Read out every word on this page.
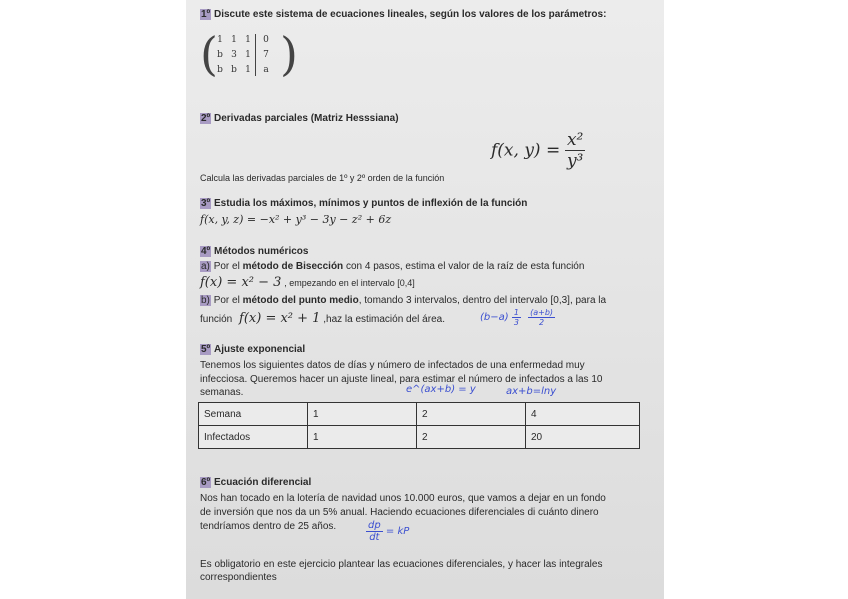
1º Discute este sistema de ecuaciones lineales, según los valores de los parámetros:
( )
1 1 1	0
b 3 1	7
b b 1	a
2º Derivadas parciales (Matriz Hesssiana)
f(x, $y) = \frac{\text{x²}}{\text{y³}}$
Calcula las derivadas parciales de 1º y 2º orden de la función
3º Estudia los máximos, mínimos y puntos de inflexión de la función
f(x, y, z) = −x² + y³ − 3y − z² + 6z
4º Métodos numéricos
a) Por el método de Bisección con 4 pasos, estima el valor de la raíz de esta función
f(x) = x² − 3 , empezando en el intervalo [0,4]
b) Por el método del punto medio, tomando 3 intervalos, dentro del intervalo [0,3], para la
función f(x) = x² + 1 ,haz la estimación del área.	$(b-a) \frac{1}{3}$
$\frac{(a+b)}{2}$
5º Ajuste exponencial
Tenemos los siguientes datos de días y número de infectados de una enfermedad muy
infecciosa. Queremos hacer un ajuste lineal, para estimar el número de infectados a las 10
semanas.	e^(ax+b) = y	ax+b=lny
Semana	1	2	4
Infectados	1	2	20
6º Ecuación diferencial
Nos han tocado en la lotería de navidad unos 10.000 euros, que vamos a dejar en un fondo
de inversión que nos da un 5% anual. Haciendo ecuaciones diferenciales di cuánto dinero
tendríamos dentro de 25 años.	$\frac{dp}{dt}$ = kP
Es obligatorio en este ejercicio plantear las ecuaciones diferenciales, y hacer las integrales
correspondientes
